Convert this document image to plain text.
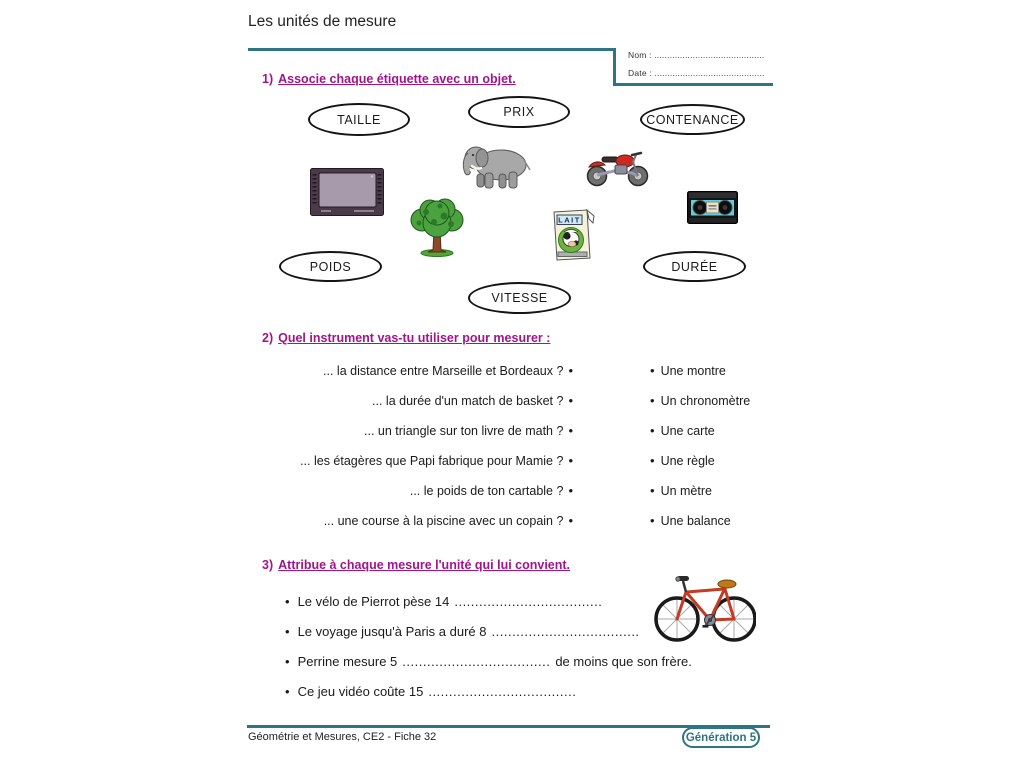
Les unités de mesure
Nom : ...........................................
Date : ...........................................
1) Associe chaque étiquette avec un objet.
TAILLE
PRIX
CONTENANCE
POIDS	DURÉE
VITESSE
LAIT
2) Quel instrument vas-tu utiliser pour mesurer :
... la distance entre Marseille et Bordeaux ? •
... la durée d'un match de basket ? •
... un triangle sur ton livre de math ? •
... les étagères que Papi fabrique pour Mamie ? •
... le poids de ton cartable ? •
... une course à la piscine avec un copain ? •
• Une montre
• Un chronomètre
• Une carte
• Une règle
• Un mètre
• Une balance
3) Attribue à chaque mesure l'unité qui lui convient.
• Le vélo de Pierrot pèse 14 ....................................
• Le voyage jusqu'à Paris a duré 8 ....................................
• Perrine mesure 5 .................................... de moins que son frère.
• Ce jeu vidéo coûte 15 ....................................
Géométrie et Mesures, CE2 - Fiche 32	Génération 5
